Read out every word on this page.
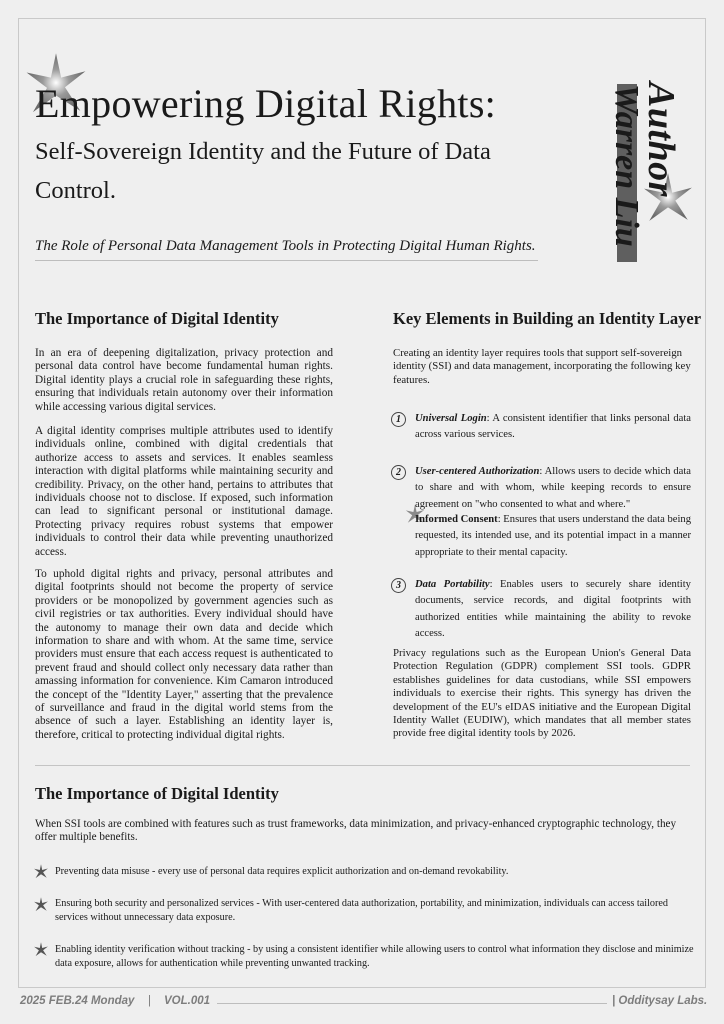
Empowering Digital Rights:
Self-Sovereign Identity and the Future of Data Control.

The Role of Personal Data Management Tools in Protecting Digital Human Rights. Warren Liu
Author
The Importance of Digital Identity

In an era of deepening digitalization, privacy protection and personal data control have become fundamental human rights. Digital identity plays a crucial role in safeguarding these rights, ensuring that individuals retain autonomy over their information while accessing various digital services.

A digital identity comprises multiple attributes used to identify individuals online, combined with digital credentials that authorize access to assets and services. It enables seamless interaction with digital platforms while maintaining security and credibility. Privacy, on the other hand, pertains to attributes that individuals choose not to disclose. If exposed, such information can lead to significant personal or institutional damage. Protecting privacy requires robust systems that empower individuals to control their data while preventing unauthorized access.

To uphold digital rights and privacy, personal attributes and digital footprints should not become the property of service providers or be monopolized by government agencies such as civil registries or tax authorities. Every individual should have the autonomy to manage their own data and decide which information to share and with whom. At the same time, service providers must ensure that each access request is authenticated to prevent fraud and should collect only necessary data rather than amassing information for convenience. Kim Camaron introduced the concept of the "Identity Layer," asserting that the prevalence of surveillance and fraud in the digital world stems from the absence of such a layer. Establishing an identity layer is, therefore, critical to protecting individual digital rights.

Key Elements in Building an Identity Layer

Creating an identity layer requires tools that support self-sovereign identity (SSI) and data management, incorporating the following key features.

1	Universal Login: A consistent identifier that links personal data across various services.
2	User-centered Authorization: Allows users to decide which data to share and with whom, while keeping records to ensure agreement on "who consented to what and where."
Informed Consent: Ensures that users understand the data being requested, its intended use, and its potential impact in a manner appropriate to their mental capacity.
3	Data Portability: Enables users to securely share identity documents, service records, and digital footprints with authorized entities while maintaining the ability to revoke access.

Privacy regulations such as the European Union's General Data Protection Regulation (GDPR) complement SSI tools. GDPR establishes guidelines for data custodians, while SSI empowers individuals to exercise their rights. This synergy has driven the development of the EU's eIDAS initiative and the European Digital Identity Wallet (EUDIW), which mandates that all member states provide free digital identity tools by 2026.

The Importance of Digital Identity

When SSI tools are combined with features such as trust frameworks, data minimization, and privacy-enhanced cryptographic technology, they offer multiple benefits.

Preventing data misuse - every use of personal data requires explicit authorization and on-demand revokability.
Ensuring both security and personalized services - With user-centered data authorization, portability, and minimization, individuals can access tailored services without unnecessary data exposure.
Enabling identity verification without tracking - by using a consistent identifier while allowing users to control what information they disclose and minimize data exposure, allows for authentication while preventing unwanted tracking.
2025 FEB.24 Monday | VOL.001	| Odditysay Labs.
